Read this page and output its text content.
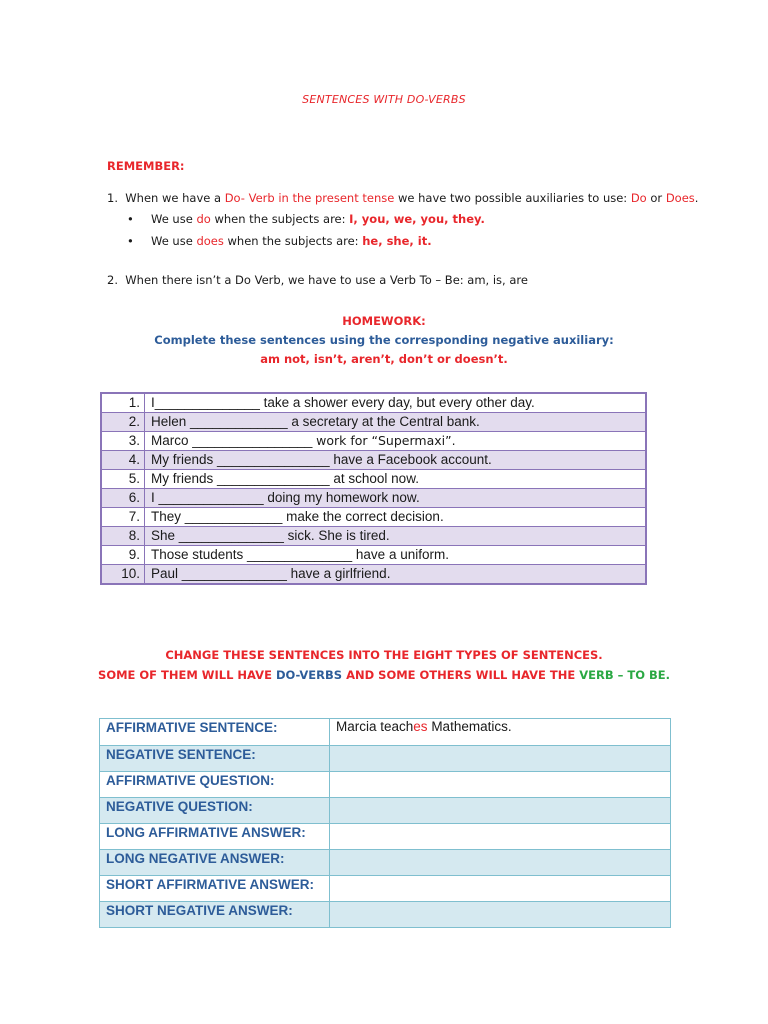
SENTENCES WITH DO-VERBS
REMEMBER:
1. When we have a Do- Verb in the present tense we have two possible auxiliaries to use: Do or Does.
• We use do when the subjects are: I, you, we, you, they.
• We use does when the subjects are: he, she, it.
2. When there isn’t a Do Verb, we have to use a Verb To – Be: am, is, are
HOMEWORK:
Complete these sentences using the corresponding negative auxiliary:
am not, isn’t, aren’t, don’t or doesn’t.
1.	I______________ take a shower every day, but every other day.
2.	Helen _____________ a secretary at the Central bank.
3.	Marco ________________ work for “Supermaxi”.
4.	My friends _______________ have a Facebook account.
5.	My friends _______________ at school now.
6.	I ______________ doing my homework now.
7.	They _____________ make the correct decision.
8.	She ______________ sick. She is tired.
9.	Those students ______________ have a uniform.
10.	Paul ______________ have a girlfriend.
CHANGE THESE SENTENCES INTO THE EIGHT TYPES OF SENTENCES.
SOME OF THEM WILL HAVE DO-VERBS AND SOME OTHERS WILL HAVE THE VERB – TO BE.
AFFIRMATIVE SENTENCE:	Marcia teaches Mathematics.
NEGATIVE SENTENCE:	
AFFIRMATIVE QUESTION:	
NEGATIVE QUESTION:	
LONG AFFIRMATIVE ANSWER:	
LONG NEGATIVE ANSWER:	
SHORT AFFIRMATIVE ANSWER:	
SHORT NEGATIVE ANSWER:	
